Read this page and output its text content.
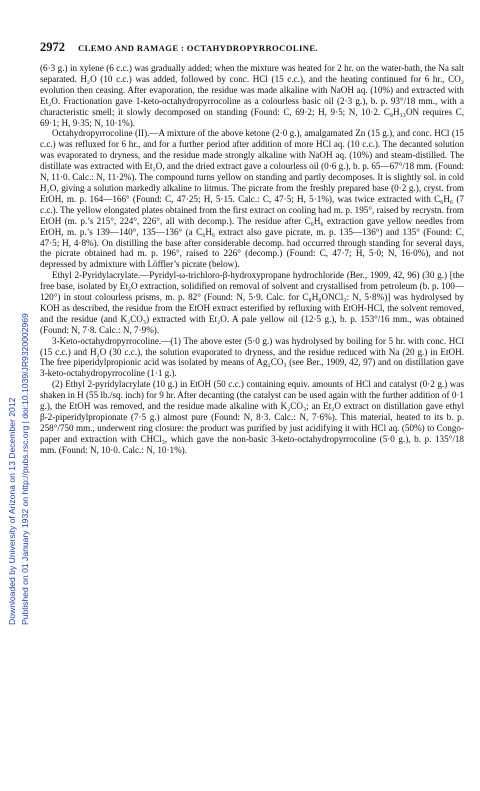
Downloaded by University of Arizona on 13 December 2012 Published on 01 January 1932 on http://pubs.rsc.org | doi:10.1039/JR9320002969
2972 CLEMO AND RAMAGE : OCTAHYDROPYRROCOLINE.

(6·3 g.) in xylene (6 c.c.) was gradually added; when the mixture was heated for 2 hr. on the water-bath, the Na salt separated. H₂O (10 c.c.) was added, followed by conc. HCl (15 c.c.), and the heating continued for 6 hr., CO₂ evolution then ceasing. After evaporation, the residue was made alkaline with NaOH aq. (10%) and extracted with Et₂O. Fractionation gave 1-keto-octahydropyrrocoline as a colourless basic oil (2·3 g.), b. p. 93°/18 mm., with a characteristic smell; it slowly decomposed on standing (Found: C, 69·2; H, 9·5; N, 10·2. C₈H₁₃ON requires C, 69·1; H, 9·35; N, 10·1%).

Octahydropyrrocoline (II).—A mixture of the above ketone (2·0 g.), amalgamated Zn (15 g.), and conc. HCl (15 c.c.) was refluxed for 6 hr., and for a further period after addition of more HCl aq. (10 c.c.). The decanted solution was evaporated to dryness, and the residue made strongly alkaline with NaOH aq. (10%) and steam-distilled. The distillate was extracted with Et₂O, and the dried extract gave a colourless oil (0·6 g.), b. p. 65—67°/18 mm. (Found: N, 11·0. Calc.: N, 11·2%). The compound turns yellow on standing and partly decomposes. It is slightly sol. in cold H₂O, giving a solution markedly alkaline to litmus. The picrate from the freshly prepared base (0·2 g.), cryst. from EtOH, m. p. 164—166° (Found: C, 47·25; H, 5·15. Calc.: C, 47·5; H, 5·1%), was twice extracted with C₆H₆ (7 c.c.). The yellow elongated plates obtained from the first extract on cooling had m. p. 195°, raised by recrystn. from EtOH (m. p.’s 215°, 224°, 226°, all with decomp.). The residue after C₆H₆ extraction gave yellow needles from EtOH, m. p.’s 139—140°, 135—136° (a C₆H₆ extract also gave picrate, m. p. 135—136°) and 135° (Found: C, 47·5; H, 4·8%). On distilling the base after considerable decomp. had occurred through standing for several days, the picrate obtained had m. p. 196°, raised to 226° (decomp.) (Found: C, 47·7; H, 5·0; N, 16·0%), and not depressed by admixture with Löffler’s picrate (below).

Ethyl 2-Pyridylacrylate.—Pyridyl-ω-trichloro-β-hydroxypropane hydrochloride (Ber., 1909, 42, 96) (30 g.) [the free base, isolated by Et₂O extraction, solidified on removal of solvent and crystallised from petroleum (b. p. 100—120°) in stout colourless prisms, m. p. 82° (Found: N, 5·9. Calc. for C₈H₈ONCl₃: N, 5·8%)] was hydrolysed by KOH as described, the residue from the EtOH extract esterified by refluxing with EtOH-HCl, the solvent removed, and the residue (and K₂CO₃) extracted with Et₂O. A pale yellow oil (12·5 g.), b. p. 153°/16 mm., was obtained (Found: N, 7·8. Calc.: N, 7·9%).

3-Keto-octahydropyrrocoline.—(1) The above ester (5·0 g.) was hydrolysed by boiling for 5 hr. with conc. HCl (15 c.c.) and H₂O (30 c.c.), the solution evaporated to dryness, and the residue reduced with Na (20 g.) in EtOH. The free piperidylpropionic acid was isolated by means of Ag₂CO₃ (see Ber., 1909, 42, 97) and on distillation gave 3-keto-octahydropyrrocoline (1·1 g.).

(2) Ethyl 2-pyridylacrylate (10 g.) in EtOH (50 c.c.) containing equiv. amounts of HCl and catalyst (0·2 g.) was shaken in H (55 lb./sq. inch) for 9 hr. After decanting (the catalyst can be used again with the further addition of 0·1 g.), the EtOH was removed, and the residue made alkaline with K₂CO₃; an Et₂O extract on distillation gave ethyl β-2-piperidylpropionate (7·5 g.) almost pure (Found: N, 8·3. Calc.: N, 7·6%). This material, heated to its b. p. 258°/750 mm., underwent ring closure: the product was purified by just acidifying it with HCl aq. (50%) to Congo-paper and extraction with CHCl₃, which gave the non-basic 3-keto-octahydropyrrocoline (5·0 g.), b. p. 135°/18 mm. (Found: N, 10·0. Calc.: N, 10·1%).
